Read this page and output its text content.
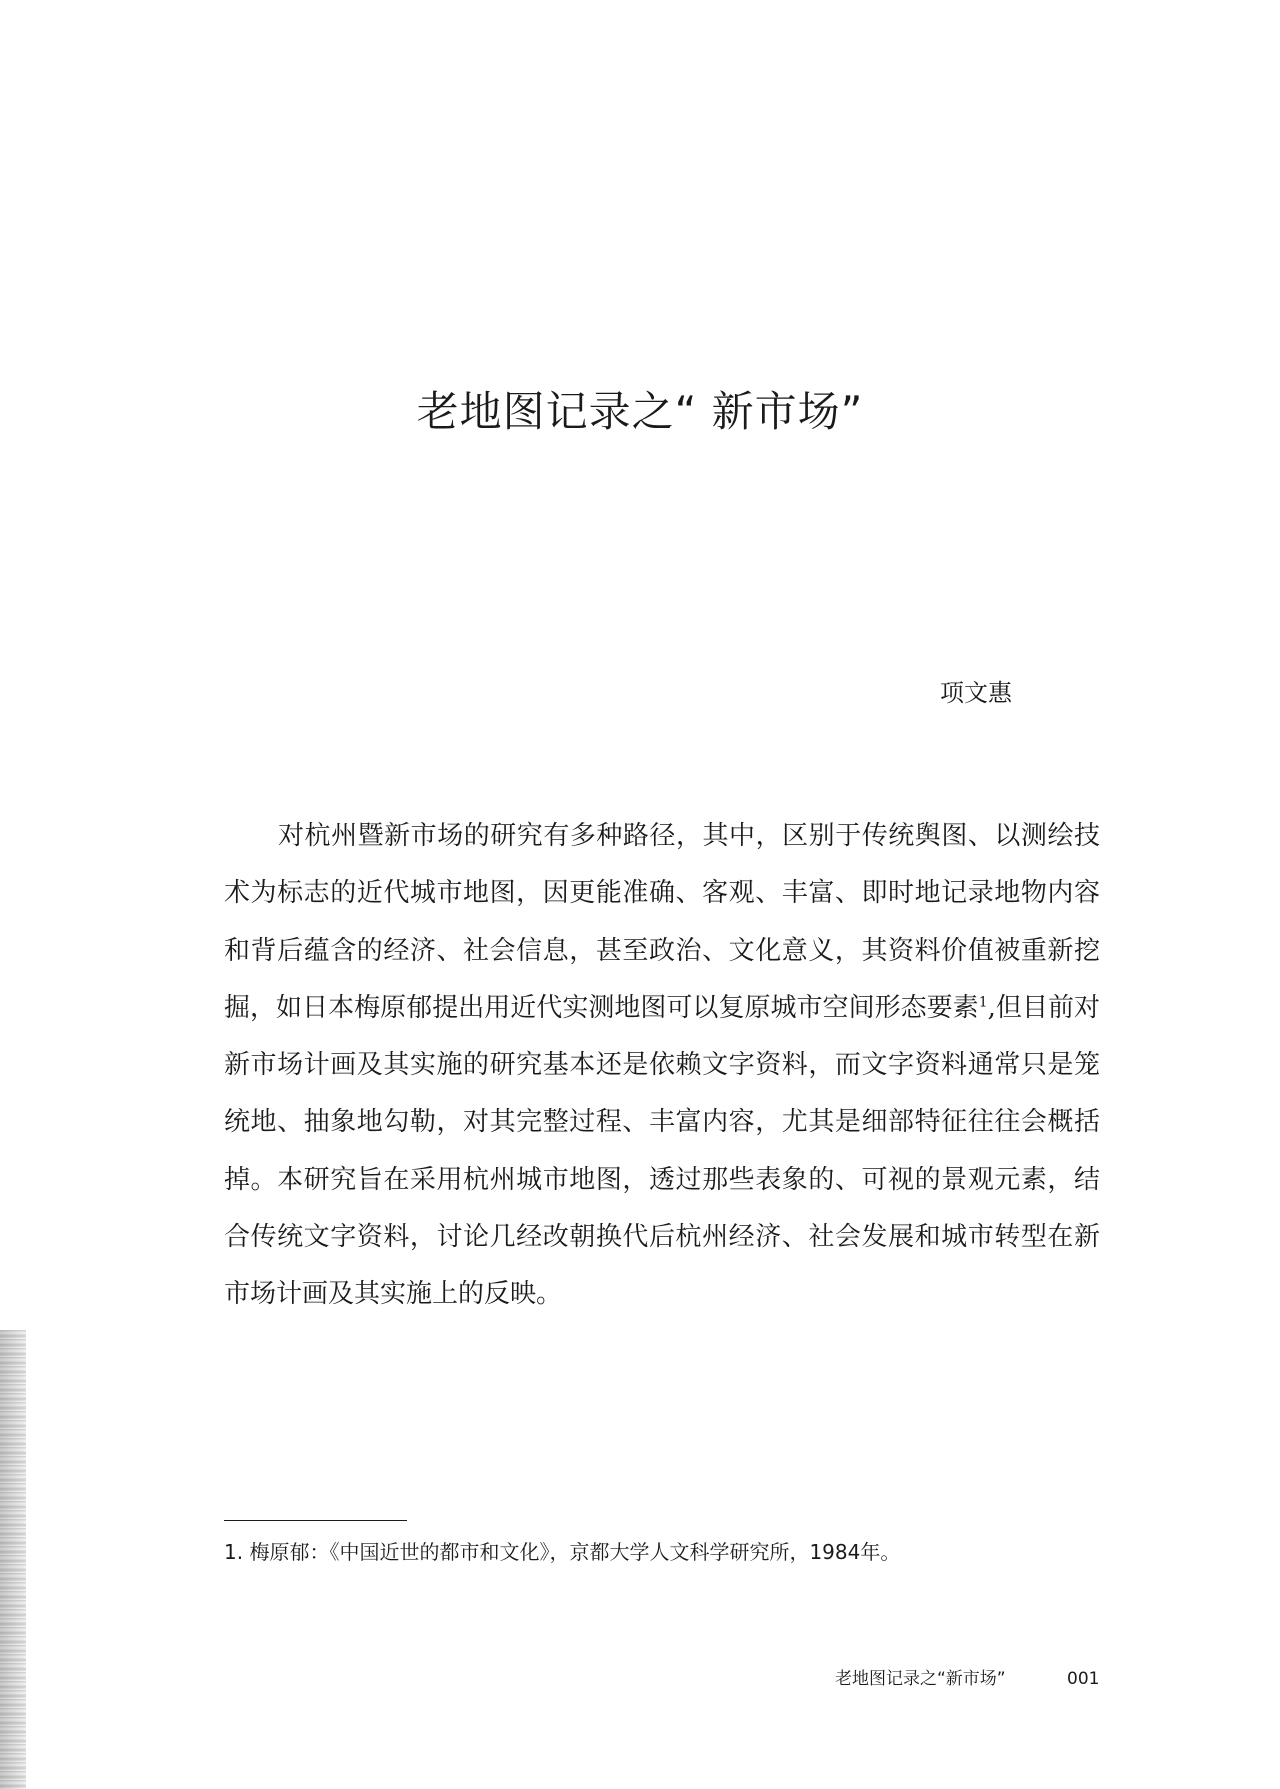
老地图记录之“ 新市场”
项文惠

对杭州暨新市场的研究有多种路径，其中，区别于传统舆图、以测绘技术为标志的近代城市地图，因更能准确、客观、丰富、即时地记录地物内容和背后蕴含的经济、社会信息，甚至政治、文化意义，其资料价值被重新挖掘，如日本梅原郁提出用近代实测地图可以复原城市空间形态要素$^1$,但目前对新市场计画及其实施的研究基本还是依赖文字资料，而文字资料通常只是笼统地、抽象地勾勒，对其完整过程、丰富内容，尤其是细部特征往往会概括掉。本研究旨在采用杭州城市地图，透过那些表象的、可视的景观元素，结合传统文字资料，讨论几经改朝换代后杭州经济、社会发展和城市转型在新市场计画及其实施上的反映。

1. 梅原郁：《中国近世的都市和文化》，京都大学人文科学研究所，1984年。

老地图记录之“新市场”	001
